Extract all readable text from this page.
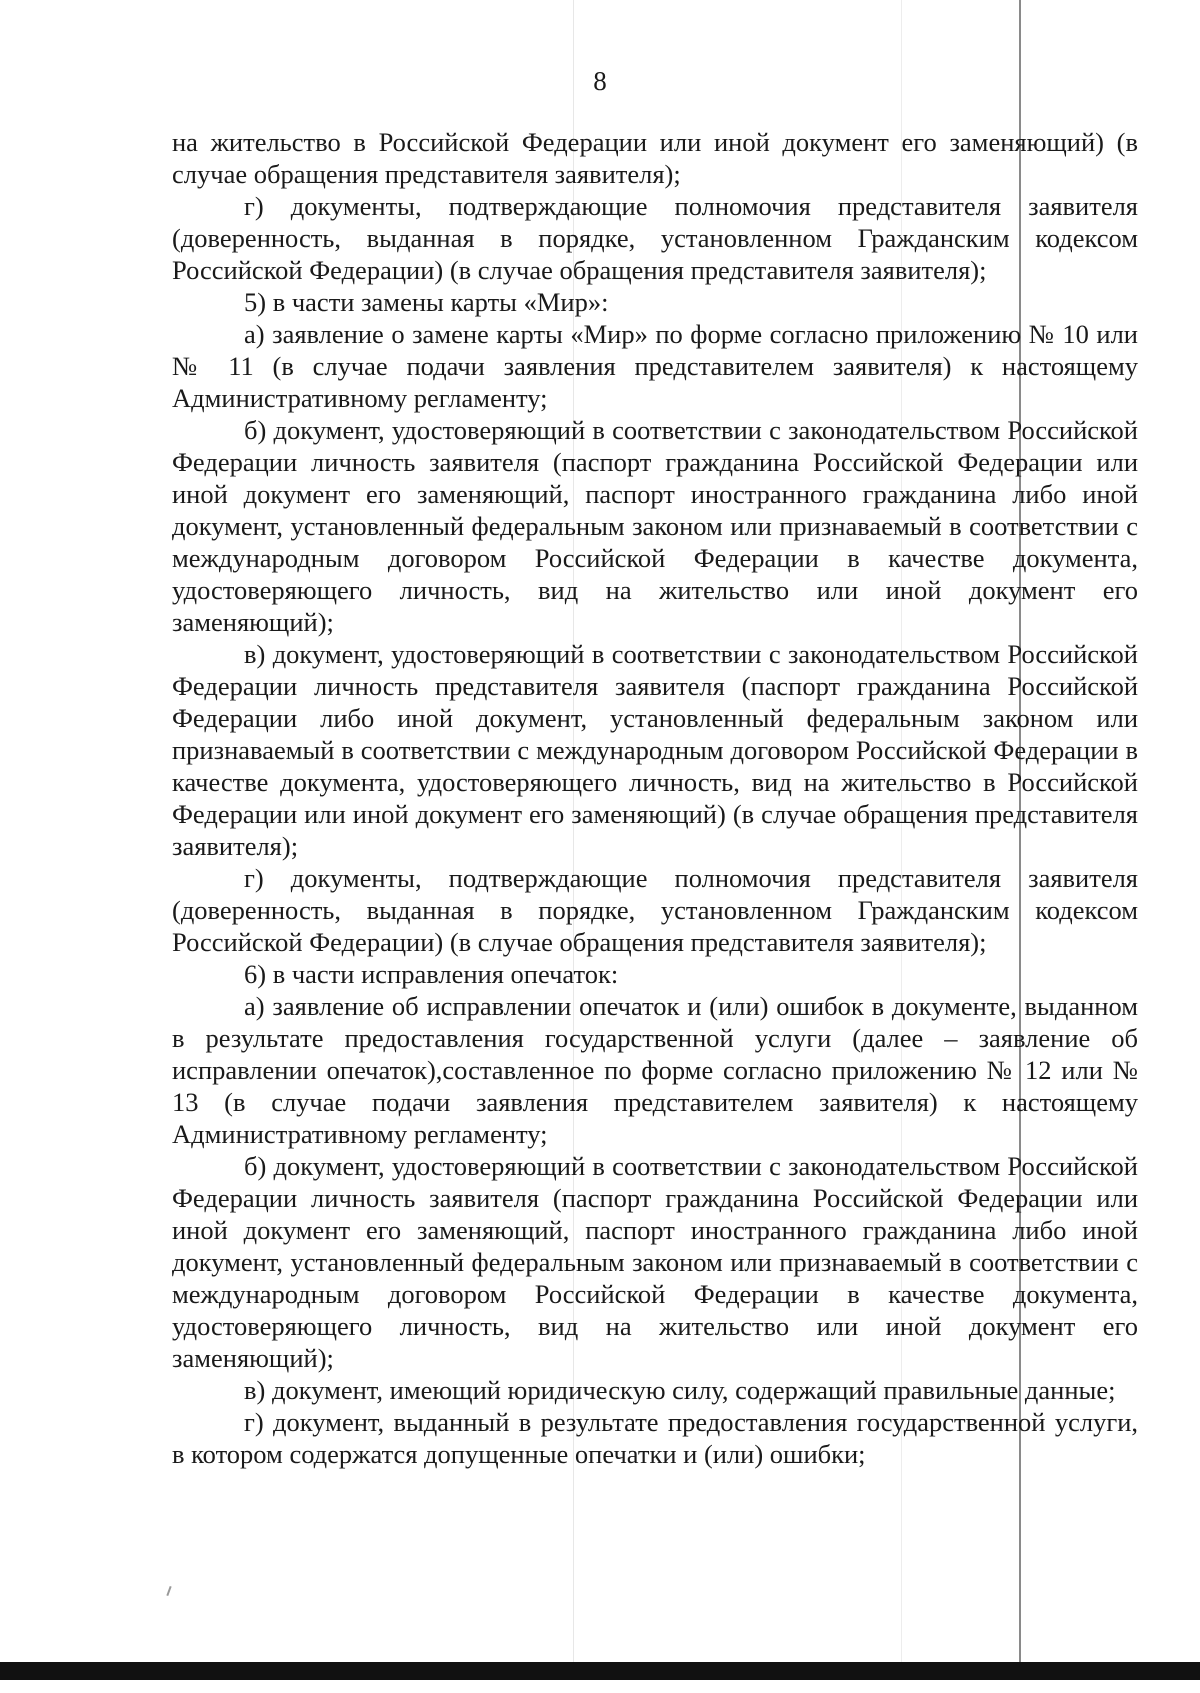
8

на жительство в Российской Федерации или иной документ его заменяющий) (в случае обращения представителя заявителя);

г) документы, подтверждающие полномочия представителя заявителя (доверенность, выданная в порядке, установленном Гражданским кодексом Российской Федерации) (в случае обращения представителя заявителя);

5) в части замены карты «Мир»:

а) заявление о замене карты «Мир» по форме согласно приложению № 10 или № 11 (в случае подачи заявления представителем заявителя) к настоящему Административному регламенту;

б) документ, удостоверяющий в соответствии с законодательством Российской Федерации личность заявителя (паспорт гражданина Российской Федерации или иной документ его заменяющий, паспорт иностранного гражданина либо иной документ, установленный федеральным законом или признаваемый в соответствии с международным договором Российской Федерации в качестве документа, удостоверяющего личность, вид на жительство или иной документ его заменяющий);

в) документ, удостоверяющий в соответствии с законодательством Российской Федерации личность представителя заявителя (паспорт гражданина Российской Федерации либо иной документ, установленный федеральным законом или признаваемый в соответствии с международным договором Российской Федерации в качестве документа, удостоверяющего личность, вид на жительство в Российской Федерации или иной документ его заменяющий) (в случае обращения представителя заявителя);

г) документы, подтверждающие полномочия представителя заявителя (доверенность, выданная в порядке, установленном Гражданским кодексом Российской Федерации) (в случае обращения представителя заявителя);

6) в части исправления опечаток:

а) заявление об исправлении опечаток и (или) ошибок в документе, выданном в результате предоставления государственной услуги (далее – заявление об исправлении опечаток),составленное по форме согласно приложению № 12 или № 13 (в случае подачи заявления представителем заявителя) к настоящему Административному регламенту;

б) документ, удостоверяющий в соответствии с законодательством Российской Федерации личность заявителя (паспорт гражданина Российской Федерации или иной документ его заменяющий, паспорт иностранного гражданина либо иной документ, установленный федеральным законом или признаваемый в соответствии с международным договором Российской Федерации в качестве документа, удостоверяющего личность, вид на жительство или иной документ его заменяющий);

в) документ, имеющий юридическую силу, содержащий правильные данные;

г) документ, выданный в результате предоставления государственной услуги, в котором содержатся допущенные опечатки и (или) ошибки;
